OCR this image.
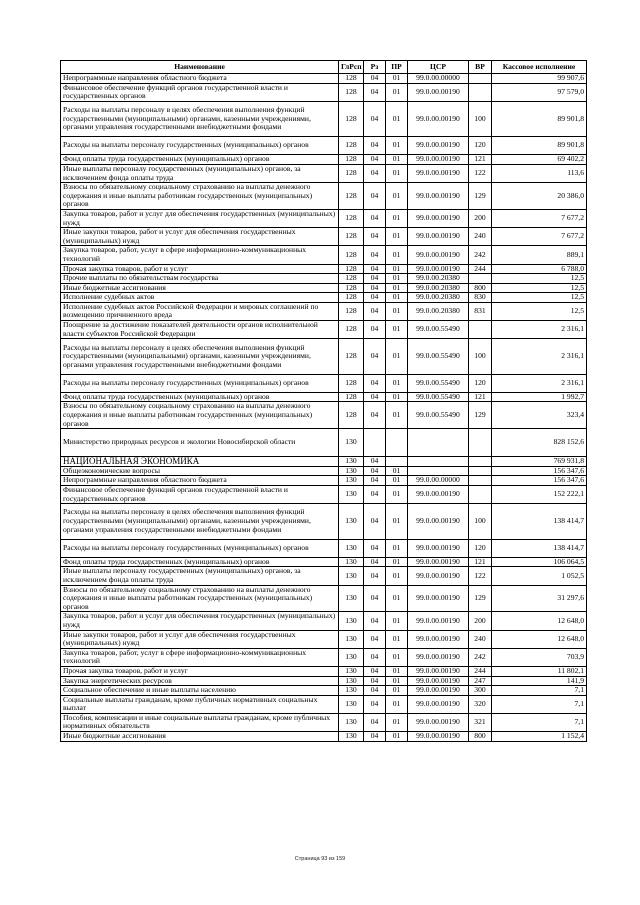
Наименование	ГлРсп	Рз	ПР	ЦСР	ВР	Кассовое исполнение
Непрограммные направления областного бюджета	128	04	01	99.0.00.00000		99 907,6
Финансовое обеспечение функций органов государственной власти и государственных органов	128	04	01	99.0.00.00190		97 579,0
Расходы на выплаты персоналу в целях обеспечения выполнения функций государственными (муниципальными) органами, казенными учреждениями, органами управления государственными внебюджетными фондами	128	04	01	99.0.00.00190	100	89 901,8
Расходы на выплаты персоналу государственных (муниципальных) органов	128	04	01	99.0.00.00190	120	89 901,8
Фонд оплаты труда государственных (муниципальных) органов	128	04	01	99.0.00.00190	121	69 402,2
Иные выплаты персоналу государственных (муниципальных) органов, за исключением фонда оплаты труда	128	04	01	99.0.00.00190	122	113,6
Взносы по обязательному социальному страхованию на выплаты денежного содержания и иные выплаты работникам государственных (муниципальных) органов	128	04	01	99.0.00.00190	129	20 386,0
Закупка товаров, работ и услуг для обеспечения государственных (муниципальных) нужд	128	04	01	99.0.00.00190	200	7 677,2
Иные закупки товаров, работ и услуг для обеспечения государственных (муниципальных) нужд	128	04	01	99.0.00.00190	240	7 677,2
Закупка товаров, работ, услуг в сфере информационно-коммуникационных технологий	128	04	01	99.0.00.00190	242	889,1
Прочая закупка товаров, работ и услуг	128	04	01	99.0.00.00190	244	6 788,0
Прочие выплаты по обязательствам государства	128	04	01	99.0.00.20380		12,5
Иные бюджетные ассигнования	128	04	01	99.0.00.20380	800	12,5
Исполнение судебных актов	128	04	01	99.0.00.20380	830	12,5
Исполнение судебных актов Российской Федерации и мировых соглашений по возмещению причиненного вреда	128	04	01	99.0.00.20380	831	12,5
Поощрение за достижение показателей деятельности органов исполнительной власти субъектов Российской Федерации	128	04	01	99.0.00.55490		2 316,1
Расходы на выплаты персоналу в целях обеспечения выполнения функций государственными (муниципальными) органами, казенными учреждениями, органами управления государственными внебюджетными фондами	128	04	01	99.0.00.55490	100	2 316,1
Расходы на выплаты персоналу государственных (муниципальных) органов	128	04	01	99.0.00.55490	120	2 316,1
Фонд оплаты труда государственных (муниципальных) органов	128	04	01	99.0.00.55490	121	1 992,7
Взносы по обязательному социальному страхованию на выплаты денежного содержания и иные выплаты работникам государственных (муниципальных) органов	128	04	01	99.0.00.55490	129	323,4
Министерство природных ресурсов и экологии Новосибирской области	130					828 152,6
НАЦИОНАЛЬНАЯ ЭКОНОМИКА	130	04				769 931,8
Общеэкономические вопросы	130	04	01			156 347,6
Непрограммные направления областного бюджета	130	04	01	99.0.00.00000		156 347,6
Финансовое обеспечение функций органов государственной власти и государственных органов	130	04	01	99.0.00.00190		152 222,1
Расходы на выплаты персоналу в целях обеспечения выполнения функций государственными (муниципальными) органами, казенными учреждениями, органами управления государственными внебюджетными фондами	130	04	01	99.0.00.00190	100	138 414,7
Расходы на выплаты персоналу государственных (муниципальных) органов	130	04	01	99.0.00.00190	120	138 414,7
Фонд оплаты труда государственных (муниципальных) органов	130	04	01	99.0.00.00190	121	106 064,5
Иные выплаты персоналу государственных (муниципальных) органов, за исключением фонда оплаты труда	130	04	01	99.0.00.00190	122	1 052,5
Взносы по обязательному социальному страхованию на выплаты денежного содержания и иные выплаты работникам государственных (муниципальных) органов	130	04	01	99.0.00.00190	129	31 297,6
Закупка товаров, работ и услуг для обеспечения государственных (муниципальных) нужд	130	04	01	99.0.00.00190	200	12 648,0
Иные закупки товаров, работ и услуг для обеспечения государственных (муниципальных) нужд	130	04	01	99.0.00.00190	240	12 648,0
Закупка товаров, работ, услуг в сфере информационно-коммуникационных технологий	130	04	01	99.0.00.00190	242	703,9
Прочая закупка товаров, работ и услуг	130	04	01	99.0.00.00190	244	11 802,1
Закупка энергетических ресурсов	130	04	01	99.0.00.00190	247	141,9
Социальное обеспечение и иные выплаты населению	130	04	01	99.0.00.00190	300	7,1
Социальные выплаты гражданам, кроме публичных нормативных социальных выплат	130	04	01	99.0.00.00190	320	7,1
Пособия, компенсации и иные социальные выплаты гражданам, кроме публичных нормативных обязательств	130	04	01	99.0.00.00190	321	7,1
Иные бюджетные ассигнования	130	04	01	99.0.00.00190	800	1 152,4
Страница 93 из 159
